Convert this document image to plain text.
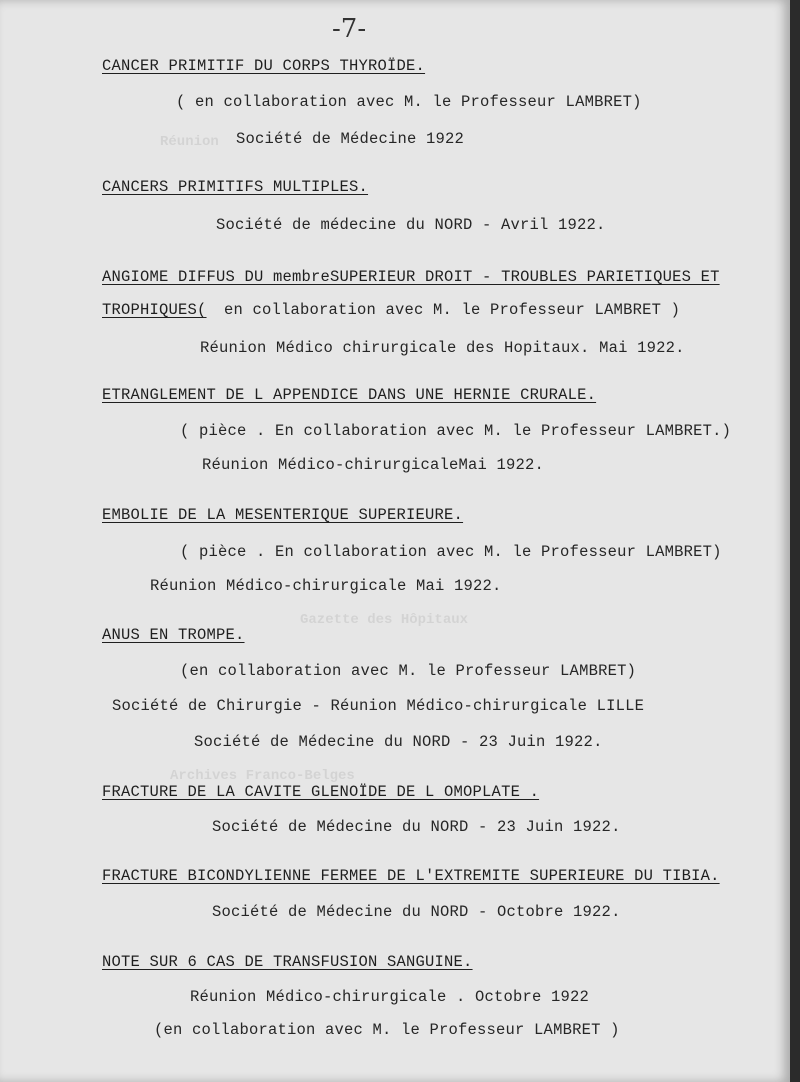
-7-
Réunion
Archives Franco-Belges
Gazette des Hôpitaux
CANCER PRIMITIF DU CORPS THYROÏDE.
( en collaboration avec M. le Professeur LAMBRET)
Société de Médecine 1922
CANCERS PRIMITIFS MULTIPLES.
Société de médecine du NORD - Avril 1922.
ANGIOME DIFFUS DU membreSUPERIEUR DROIT - TROUBLES PARIETIQUES ET
TROPHIQUES( en collaboration avec M. le Professeur LAMBRET )
Réunion Médico chirurgicale des Hopitaux. Mai 1922.
ETRANGLEMENT DE L APPENDICE DANS UNE HERNIE CRURALE.
( pièce . En collaboration avec M. le Professeur LAMBRET.)
Réunion Médico-chirurgicaleMai 1922.
EMBOLIE DE LA MESENTERIQUE SUPERIEURE.
( pièce . En collaboration avec M. le Professeur LAMBRET)
Réunion Médico-chirurgicale Mai 1922.
ANUS EN TROMPE.
(en collaboration avec M. le Professeur LAMBRET)
Société de Chirurgie - Réunion Médico-chirurgicale LILLE
Société de Médecine du NORD - 23 Juin 1922.
FRACTURE DE LA CAVITE GLENOÏDE DE L OMOPLATE .
Société de Médecine du NORD - 23 Juin 1922.
FRACTURE BICONDYLIENNE FERMEE DE L'EXTREMITE SUPERIEURE DU TIBIA.
Société de Médecine du NORD - Octobre 1922.
NOTE SUR 6 CAS DE TRANSFUSION SANGUINE.
Réunion Médico-chirurgicale . Octobre 1922
(en collaboration avec M. le Professeur LAMBRET )
